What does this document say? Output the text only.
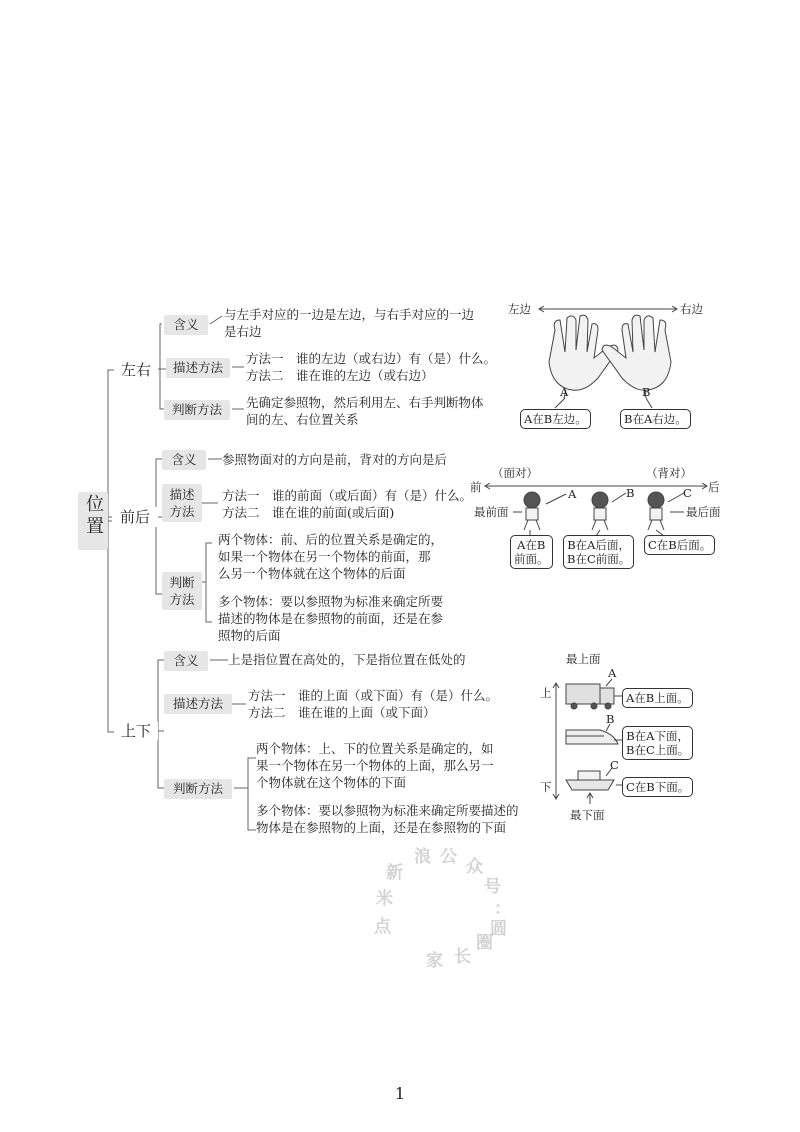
位置
左右
含义
与左手对应的一边是左边，与右手对应的一边
是右边
描述方法
方法一　谁的左边（或右边）有（是）什么。
方法二　谁在谁的左边（或右边）
判断方法	先确定参照物，然后利用左、右手判断物体
间的左、右位置关系
左边	右边
A	B
A在B左边。	B在A右边。
前后
含义	参照物面对的方向是前，背对的方向是后
描述
方法
方法一　谁的前面（或后面）有（是）什么。
方法二　谁在谁的前面(或后面)
判断
方法
两个物体：前、后的位置关系是确定的，
如果一个物体在另一个物体的前面，那
么另一个物体就在这个物体的后面
多个物体：要以参照物为标准来确定所要
描述的物体是在参照物的前面，还是在参
照物的后面
（面对）	（背对）
前	后
A	B	C
最前面	最后面
A在B
前面。
B在A后面，
B在C前面。
C在B后面。
上下
含义	上是指位置在高处的，下是指位置在低处的
描述方法
方法一　谁的上面（或下面）有（是）什么。
方法二　谁在谁的上面（或下面）
判断方法
两个物体：上、下的位置关系是确定的，如
果一个物体在另一个物体的上面，那么另一
个物体就在这个物体的下面
多个物体：要以参照物为标准来确定所要描述的
物体是在参照物的上面，还是在参照物的下面
最上面
最下面
上
下
A
B
C
A在B上面。
B在A下面，
B在C上面。
C在B下面。
新
浪 公 众
号
：
圆
点
家 长
圈
米
1
